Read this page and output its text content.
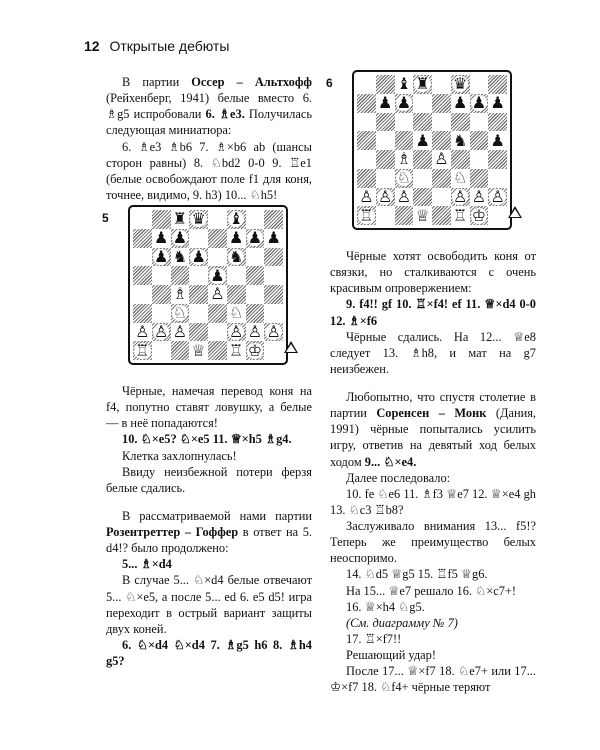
12 Открытые дебюты

В партии Оссер – Альтхофф (Рейхенберг, 1941) белые вместо 6. ♗g5 испробовали 6. ♗e3. Получилась следующая миниатюра:

6. ♗e3 ♗b6 7. ♗×b6 ab (шансы сторон равны) 8. ♘bd2 0-0 9. ♖e1 (белые освобождают поле f1 для коня, точнее, видимо, 9. h3) 10... ♘h5!

5	♜ ♛ ♝
♟ ♟	♟ ♟ ♟
♟ ♞ ♟ ♞
♟
♗ ♙
♘	♘
♙ ♙ ♙	♙ ♙ ♙
♖	♕ ♖ ♔

Чёрные, намечая перевод коня на f4, попутно ставят ловушку, а белые — в неё попадаются!

10. ♘×e5? ♘×e5 11. ♕×h5 ♗g4.

Клетка захлопнулась!

Ввиду неизбежной потери ферзя белые сдались.

В рассматриваемой нами партии Розентреттер – Гоффер в ответ на 5. d4!? было продолжено:

5... ♗×d4

В случае 5... ♘×d4 белые отвечают 5... ♘×e5, а после 5... ed 6. e5 d5! игра переходит в острый вариант защиты двух коней.

6. ♘×d4 ♘×d4 7. ♗g5 h6 8. ♗h4 g5?

6	♝ ♜ ♛
♟ ♟	♟ ♟ ♟
♟ ♞ ♟
♗ ♙
♘	♘
♙ ♙ ♙	♙ ♙ ♙
♖	♕ ♖ ♔

Чёрные хотят освободить коня от связки, но сталкиваются с очень красивым опровержением:

9. f4!! gf 10. ♖×f4! ef 11. ♕×d4 0-0 12. ♗×f6

Чёрные сдались. На 12... ♕e8 следует 13. ♗h8, и мат на g7 неизбежен.

Любопытно, что спустя столетие в партии Соренсен – Монк (Дания, 1991) чёрные попытались усилить игру, ответив на девятый ход белых ходом 9... ♘×e4.

Далее последовало:

10. fe ♘e6 11. ♗f3 ♕e7 12. ♕×e4 gh 13. ♘c3 ♖b8?

Заслуживало внимания 13... f5!? Теперь же преимущество белых неоспоримо.

14. ♘d5 ♕g5 15. ♖f5 ♕g6.

На 15... ♕e7 решало 16. ♘×c7+!

16. ♕×h4 ♘g5.

(См. диаграмму № 7)

17. ♖×f7!!

Решающий удар!

После 17... ♕×f7 18. ♘e7+ или 17... ♔×f7 18. ♘f4+ чёрные теряют
